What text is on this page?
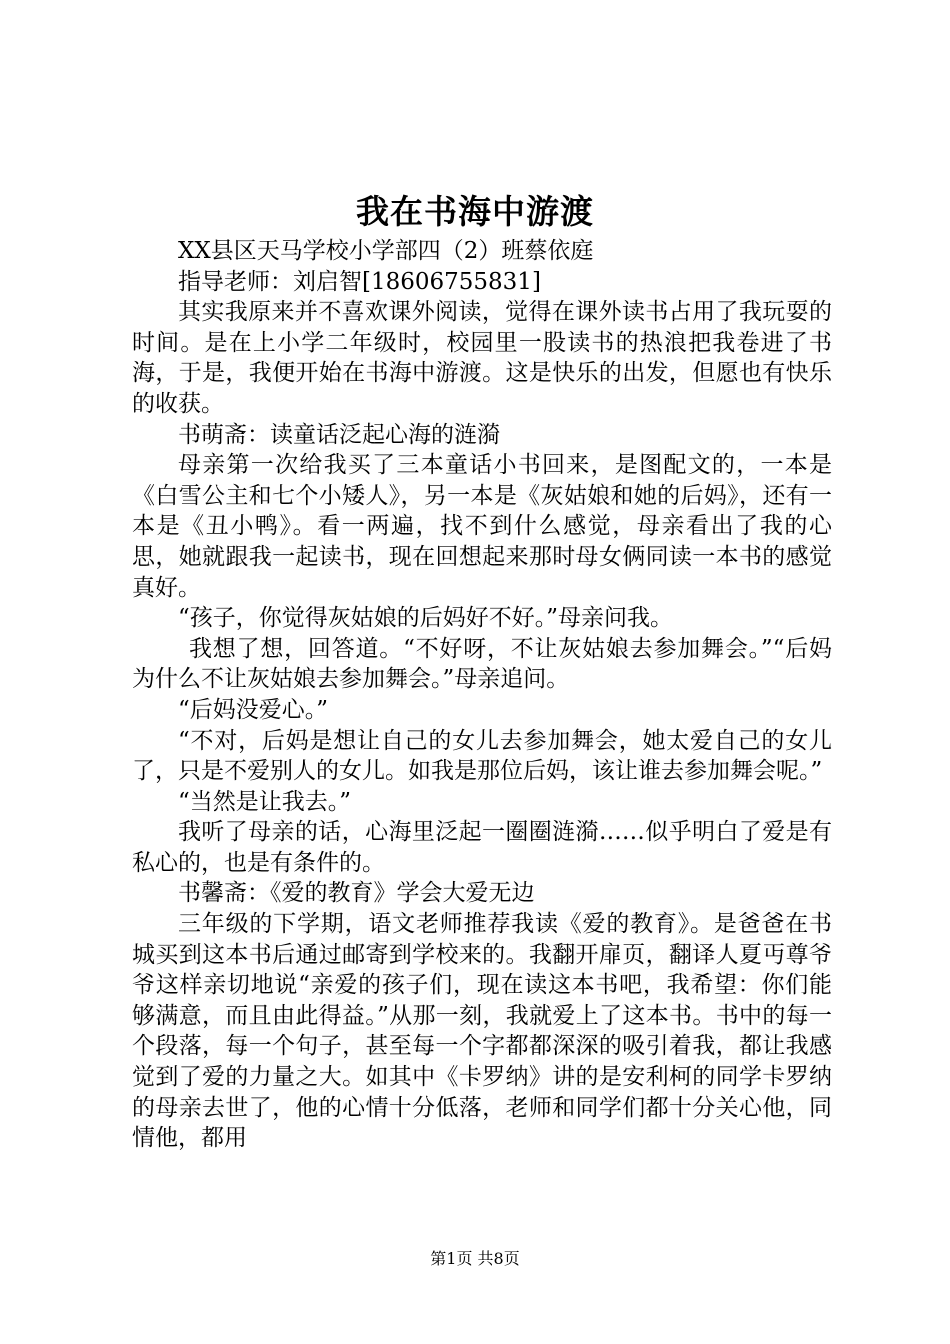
我在书海中游渡

XX县区天马学校小学部四（2）班蔡依庭

指导老师：刘启智[18606755831]

其实我原来并不喜欢课外阅读，觉得在课外读书占用了我玩耍的时间。是在上小学二年级时，校园里一股读书的热浪把我卷进了书海，于是，我便开始在书海中游渡。这是快乐的出发，但愿也有快乐的收获。

书萌斋：读童话泛起心海的涟漪

母亲第一次给我买了三本童话小书回来，是图配文的，一本是《白雪公主和七个小矮人》，另一本是《灰姑娘和她的后妈》，还有一本是《丑小鸭》。看一两遍，找不到什么感觉，母亲看出了我的心思，她就跟我一起读书，现在回想起来那时母女俩同读一本书的感觉真好。

“孩子，你觉得灰姑娘的后妈好不好。”母亲问我。

我想了想，回答道。“不好呀，不让灰姑娘去参加舞会。”“后妈为什么不让灰姑娘去参加舞会。”母亲追问。

“后妈没爱心。”

“不对，后妈是想让自己的女儿去参加舞会，她太爱自己的女儿了，只是不爱别人的女儿。如我是那位后妈，该让谁去参加舞会呢。”

“当然是让我去。”

我听了母亲的话，心海里泛起一圈圈涟漪……似乎明白了爱是有私心的，也是有条件的。

书馨斋：《爱的教育》学会大爱无边

三年级的下学期，语文老师推荐我读《爱的教育》。是爸爸在书城买到这本书后通过邮寄到学校来的。我翻开扉页，翻译人夏丏尊爷爷这样亲切地说“亲爱的孩子们，现在读这本书吧，我希望：你们能够满意，而且由此得益。”从那一刻，我就爱上了这本书。书中的每一个段落，每一个句子，甚至每一个字都都深深的吸引着我，都让我感觉到了爱的力量之大。如其中《卡罗纳》讲的是安利柯的同学卡罗纳的母亲去世了，他的心情十分低落，老师和同学们都十分关心他，同情他，都用

第1页 共8页
